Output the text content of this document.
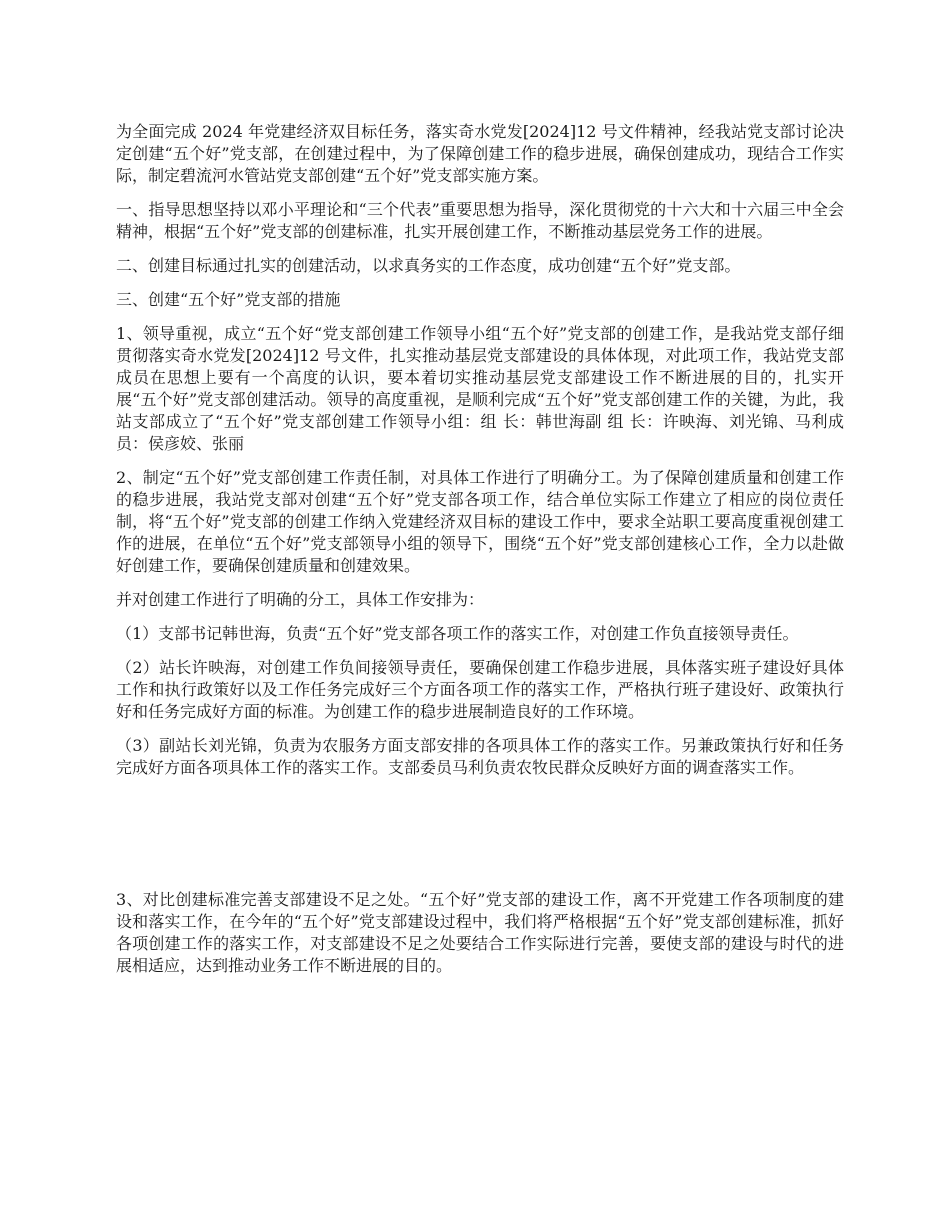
为全面完成 2024 年党建经济双目标任务，落实奇水党发[2024]12 号文件精神，经我站党支部讨论决定创建“五个好”党支部，在创建过程中，为了保障创建工作的稳步进展，确保创建成功，现结合工作实际，制定碧流河水管站党支部创建“五个好”党支部实施方案。

一、指导思想坚持以邓小平理论和“三个代表”重要思想为指导，深化贯彻党的十六大和十六届三中全会精神，根据“五个好”党支部的创建标准，扎实开展创建工作，不断推动基层党务工作的进展。

二、创建目标通过扎实的创建活动，以求真务实的工作态度，成功创建“五个好”党支部。

三、创建“五个好”党支部的措施

1、领导重视，成立“五个好“党支部创建工作领导小组“五个好”党支部的创建工作，是我站党支部仔细贯彻落实奇水党发[2024]12 号文件，扎实推动基层党支部建设的具体体现，对此项工作，我站党支部成员在思想上要有一个高度的认识，要本着切实推动基层党支部建设工作不断进展的目的，扎实开展“五个好”党支部创建活动。领导的高度重视，是顺利完成“五个好”党支部创建工作的关键，为此，我站支部成立了“五个好”党支部创建工作领导小组：组 长：韩世海副 组 长：许映海、刘光锦、马利成 员：侯彦姣、张丽

2、制定“五个好”党支部创建工作责任制，对具体工作进行了明确分工。为了保障创建质量和创建工作的稳步进展，我站党支部对创建“五个好”党支部各项工作，结合单位实际工作建立了相应的岗位责任制，将“五个好”党支部的创建工作纳入党建经济双目标的建设工作中，要求全站职工要高度重视创建工作的进展，在单位“五个好”党支部领导小组的领导下，围绕“五个好”党支部创建核心工作，全力以赴做好创建工作，要确保创建质量和创建效果。

并对创建工作进行了明确的分工，具体工作安排为：

（1）支部书记韩世海，负责“五个好”党支部各项工作的落实工作，对创建工作负直接领导责任。

（2）站长许映海，对创建工作负间接领导责任，要确保创建工作稳步进展，具体落实班子建设好具体工作和执行政策好以及工作任务完成好三个方面各项工作的落实工作，严格执行班子建设好、政策执行好和任务完成好方面的标准。为创建工作的稳步进展制造良好的工作环境。

（3）副站长刘光锦，负责为农服务方面支部安排的各项具体工作的落实工作。另兼政策执行好和任务完成好方面各项具体工作的落实工作。支部委员马利负责农牧民群众反映好方面的调查落实工作。

3、对比创建标准完善支部建设不足之处。“五个好”党支部的建设工作，离不开党建工作各项制度的建设和落实工作，在今年的“五个好”党支部建设过程中，我们将严格根据“五个好”党支部创建标准，抓好各项创建工作的落实工作，对支部建设不足之处要结合工作实际进行完善，要使支部的建设与时代的进展相适应，达到推动业务工作不断进展的目的。
